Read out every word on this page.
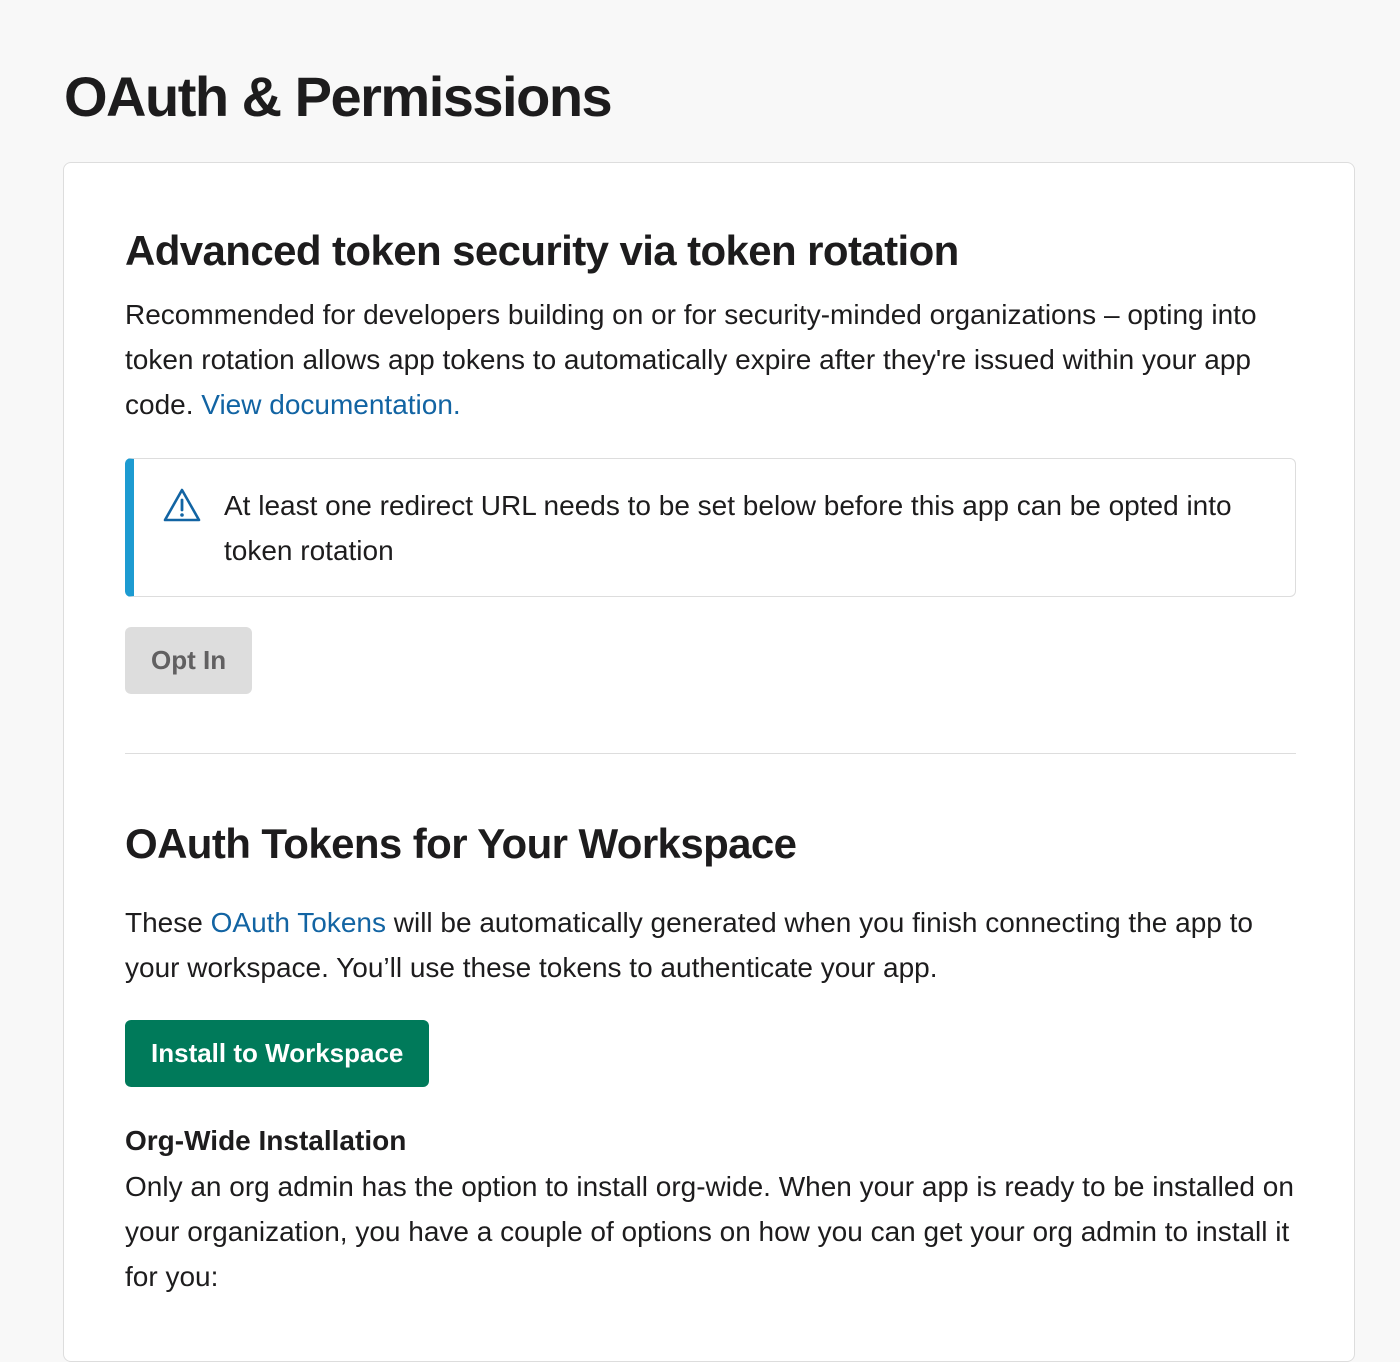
OAuth & Permissions
Advanced token security via token rotation

Recommended for developers building on or for security-minded organizations – opting into token rotation allows app tokens to automatically expire after they're issued within your app code. View documentation.

At least one redirect URL needs to be set below before this app can be opted into token rotation

Opt In
OAuth Tokens for Your Workspace

These OAuth Tokens will be automatically generated when you finish connecting the app to your workspace. You’ll use these tokens to authenticate your app.

Install to Workspace
Org-Wide Installation

Only an org admin has the option to install org-wide. When your app is ready to be installed on your organization, you have a couple of options on how you can get your org admin to install it for you:
